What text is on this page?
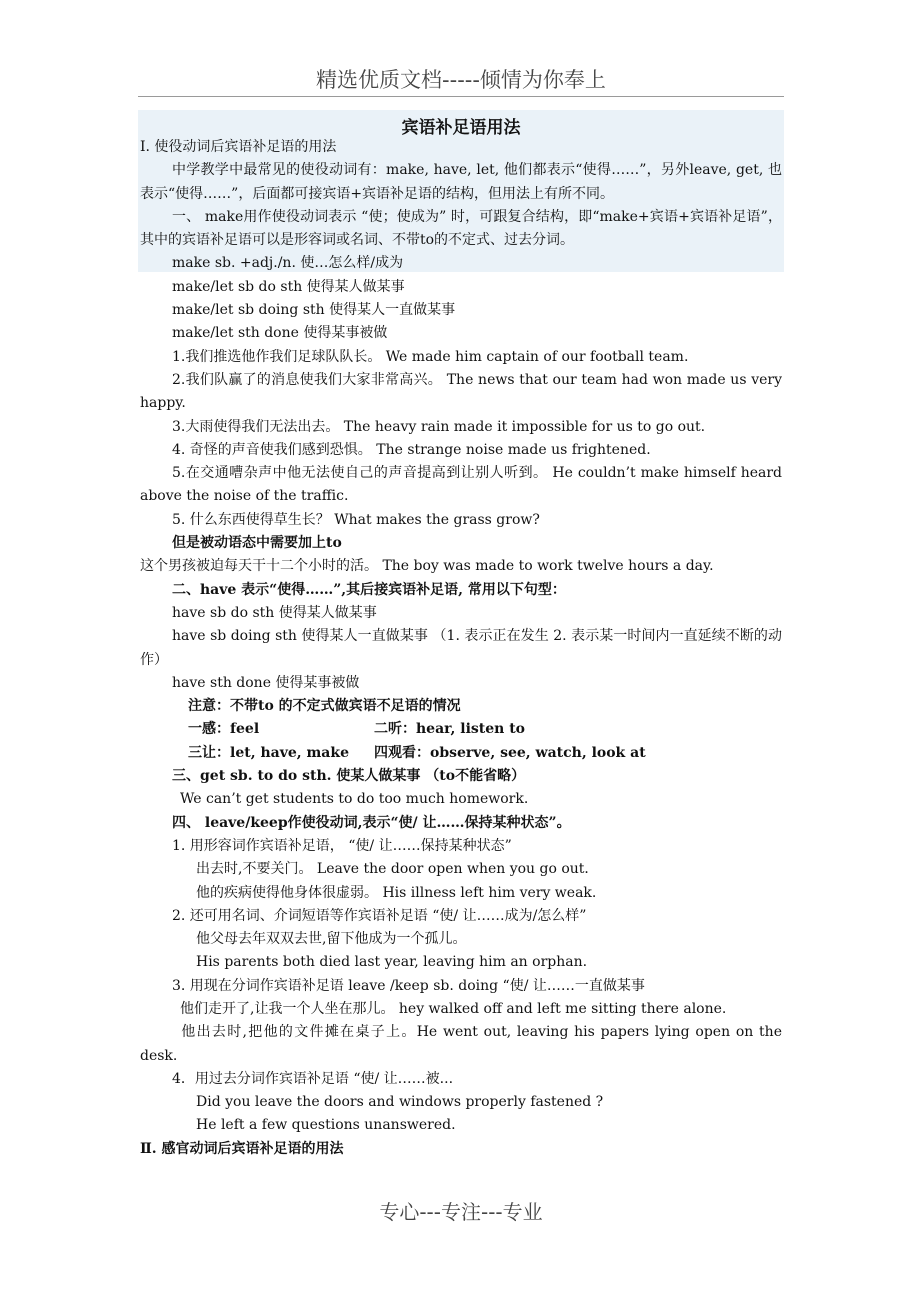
精选优质文档-----倾情为你奉上
宾语补足语用法

I. 使役动词后宾语补足语的用法

中学教学中最常见的使役动词有：make, have, let, 他们都表示“使得……”，另外leave, get, 也表示“使得……”，后面都可接宾语+宾语补足语的结构，但用法上有所不同。

一、 make用作使役动词表示 “使；使成为” 时，可跟复合结构，即“make+宾语+宾语补足语”，其中的宾语补足语可以是形容词或名词、不带to的不定式、过去分词。

make sb. +adj./n. 使…怎么样/成为

make/let sb do sth 使得某人做某事

make/let sb doing sth 使得某人一直做某事

make/let sth done 使得某事被做

1.我们推选他作我们足球队队长。 We made him captain of our football team.

2.我们队赢了的消息使我们大家非常高兴。 The news that our team had won made us very happy.

3.大雨使得我们无法出去。 The heavy rain made it impossible for us to go out.

4. 奇怪的声音使我们感到恐惧。 The strange noise made us frightened.

5.在交通嘈杂声中他无法使自己的声音提高到让别人听到。 He couldn’t make himself heard above the noise of the traffic.

5. 什么东西使得草生长？ What makes the grass grow?

但是被动语态中需要加上to

这个男孩被迫每天干十二个小时的活。 The boy was made to work twelve hours a day.

二、have 表示“使得……”,其后接宾语补足语, 常用以下句型：

have sb do sth 使得某人做某事

have sb doing sth 使得某人一直做某事 （1. 表示正在发生 2. 表示某一时间内一直延续不断的动作）

have sth done 使得某事被做

注意：不带to 的不定式做宾语不足语的情况

一感：feel	二听：hear, listen to

三让：let, have, make 四观看：observe, see, watch, look at

三、get sb. to do sth. 使某人做某事 （to不能省略）

We can’t get students to do too much homework.

四、 leave/keep作使役动词,表示“使/ 让……保持某种状态”。

1. 用形容词作宾语补足语， “使/ 让……保持某种状态”

出去时,不要关门。 Leave the door open when you go out．

他的疾病使得他身体很虚弱。 His illness left him very weak.

2. 还可用名词、介词短语等作宾语补足语 “使/ 让……成为/怎么样”

他父母去年双双去世,留下他成为一个孤儿。

His parents both died last year, leaving him an orphan.

3. 用现在分词作宾语补足语 leave /keep sb. doing “使/ 让……一直做某事

他们走开了,让我一个人坐在那儿。 hey walked off and left me sitting there alone.

他出去时,把他的文件摊在桌子上。He went out, leaving his papers lying open on the desk.

4．用过去分词作宾语补足语 “使/ 让……被...

Did you leave the doors and windows properly fastened ?

He left a few questions unanswered.

Ⅱ. 感官动词后宾语补足语的用法

专心---专注---专业
